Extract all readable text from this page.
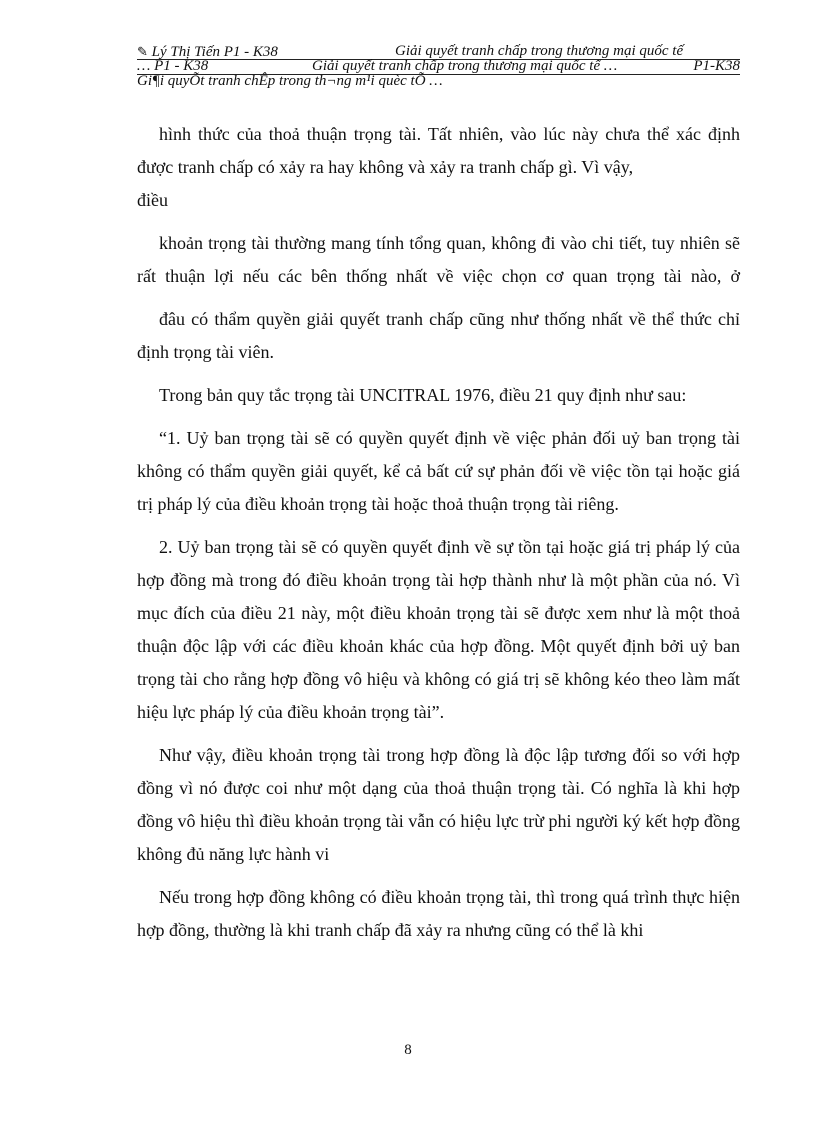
✎ Lý Thị Tiến P1 - K38	Giải quyết tranh chấp trong thương mại quốc tế
… P1 - K38	Giải quyết tranh chấp trong thương mại quốc tế …	P1-K38
Gi¶i quyÕt tranh chÊp trong th¬ng m¹i quèc tÕ …

hình thức của thoả thuận trọng tài. Tất nhiên, vào lúc này chưa thể xác định được tranh chấp có xảy ra hay không và xảy ra tranh chấp gì. Vì vậy,

điều

khoản trọng tài thường mang tính tổng quan, không đi vào chi tiết, tuy nhiên sẽ rất thuận lợi nếu các bên thống nhất về việc chọn cơ quan trọng tài nào, ở

đâu có thẩm quyền giải quyết tranh chấp cũng như thống nhất về thể thức chỉ định trọng tài viên.

Trong bản quy tắc trọng tài UNCITRAL 1976, điều 21 quy định như sau:

“1. Uỷ ban trọng tài sẽ có quyền quyết định về việc phản đối uỷ ban trọng tài không có thẩm quyền giải quyết, kể cả bất cứ sự phản đối về việc tồn tại hoặc giá trị pháp lý của điều khoản trọng tài hoặc thoả thuận trọng tài riêng.

2. Uỷ ban trọng tài sẽ có quyền quyết định về sự tồn tại hoặc giá trị pháp lý của hợp đồng mà trong đó điều khoản trọng tài hợp thành như là một phần của nó. Vì mục đích của điều 21 này, một điều khoản trọng tài sẽ được xem như là một thoả thuận độc lập với các điều khoản khác của hợp đồng. Một quyết định bởi uỷ ban trọng tài cho rằng hợp đồng vô hiệu và không có giá trị sẽ không kéo theo làm mất hiệu lực pháp lý của điều khoản trọng tài”.

Như vậy, điều khoản trọng tài trong hợp đồng là độc lập tương đối so với hợp đồng vì nó được coi như một dạng của thoả thuận trọng tài. Có nghĩa là khi hợp đồng vô hiệu thì điều khoản trọng tài vẫn có hiệu lực trừ phi người ký kết hợp đồng không đủ năng lực hành vi

Nếu trong hợp đồng không có điều khoản trọng tài, thì trong quá trình thực hiện hợp đồng, thường là khi tranh chấp đã xảy ra nhưng cũng có thể là khi

8
